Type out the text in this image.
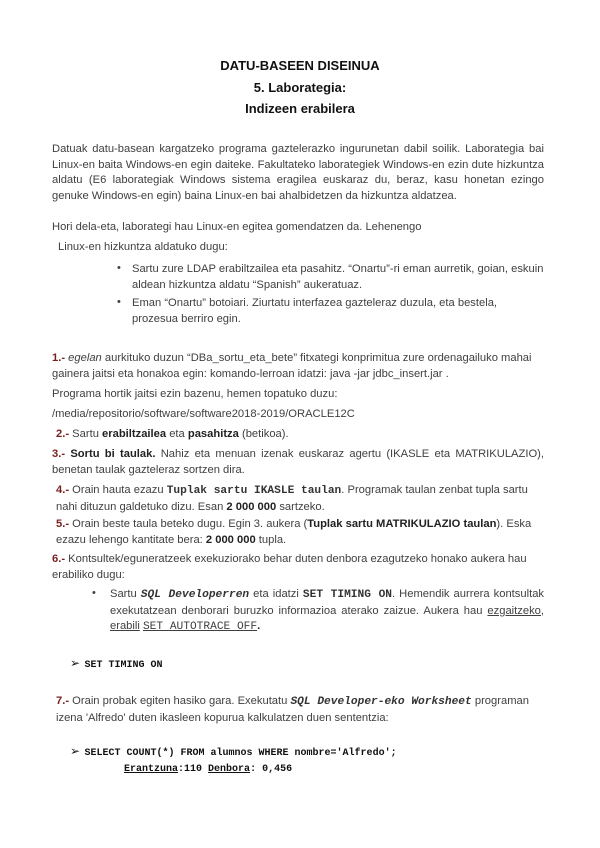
DATU-BASEEN DISEINUA
5. Laborategia:
Indizeen erabilera
Datuak datu-basean kargatzeko programa gaztelerazko ingurunetan dabil soilik. Laborategia bai Linux-en baita Windows-en egin daiteke. Fakultateko laborategiek Windows-en ezin dute hizkuntza aldatu (E6 laborategiak Windows sistema eragilea euskaraz du, beraz, kasu honetan ezingo genuke Windows-en egin) baina Linux-en bai ahalbidetzen da hizkuntza aldatzea.
Hori dela-eta, laborategi hau Linux-en egitea gomendatzen da. Lehenengo
Linux-en hizkuntza aldatuko dugu:
• Sartu zure LDAP erabiltzailea eta pasahitz. “Onartu”-ri eman aurretik, goian, eskuin aldean hizkuntza aldatu “Spanish” aukeratuaz.
• Eman “Onartu” botoiari. Ziurtatu interfazea gazteleraz duzula, eta bestela, prozesua berriro egin.
1.- egelan aurkituko duzun “DBa_sortu_eta_bete” fitxategi konprimitua zure ordenagailuko mahai gainera jaitsi eta honakoa egin: komando-lerroan idatzi: java -jar jdbc_insert.jar .
Programa hortik jaitsi ezin bazenu, hemen topatuko duzu:
/media/repositorio/software/software2018-2019/ORACLE12C
2.- Sartu erabiltzailea eta pasahitza (betikoa).
3.- Sortu bi taulak. Nahiz eta menuan izenak euskaraz agertu (IKASLE eta MATRIKULAZIO), benetan taulak gazteleraz sortzen dira.
4.- Orain hauta ezazu Tuplak sartu IKASLE taulan. Programak taulan zenbat tupla sartu nahi dituzun galdetuko dizu. Esan 2 000 000 sartzeko.
5.- Orain beste taula beteko dugu. Egin 3. aukera (Tuplak sartu MATRIKULAZIO taulan). Eska ezazu lehengo kantitate bera: 2 000 000 tupla.
6.- Kontsultek/eguneratzeek exekuziorako behar duten denbora ezagutzeko honako aukera hau erabiliko dugu:
• Sartu SQL Developerren eta idatzi SET TIMING ON. Hemendik aurrera kontsultak exekutatzean denborari buruzko informazioa aterako zaizue. Aukera hau ezgaitzeko, erabili SET AUTOTRACE OFF.
➢ SET TIMING ON
7.- Orain probak egiten hasiko gara. Exekutatu SQL Developer-eko Worksheet programan izena 'Alfredo' duten ikasleen kopurua kalkulatzen duen sententzia:
➢ SELECT COUNT(*) FROM alumnos WHERE nombre='Alfredo';
Erantzuna:110 Denbora: 0,456
